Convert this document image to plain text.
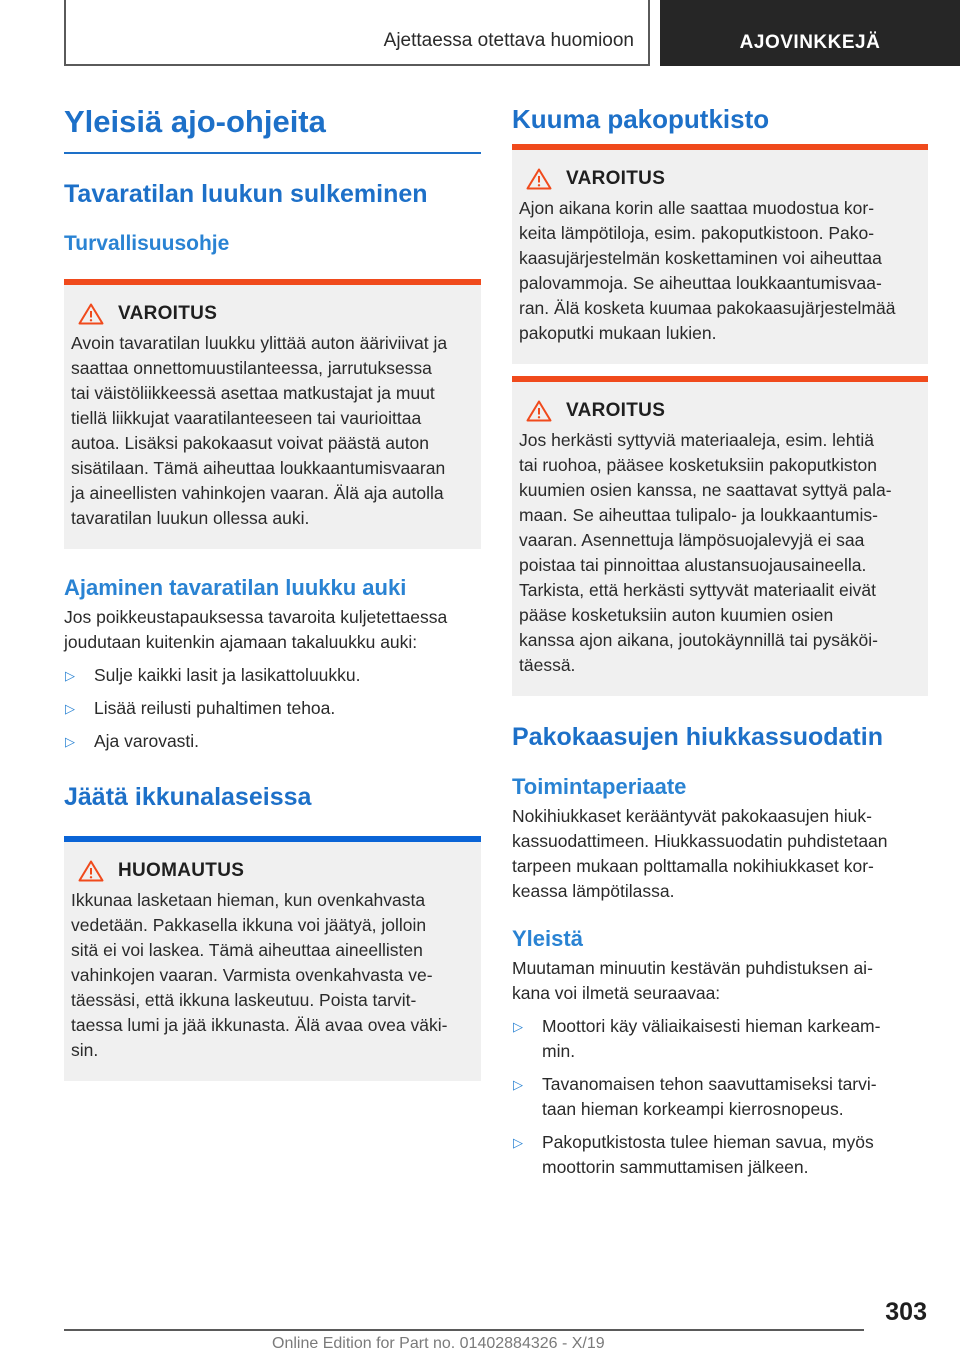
Ajettaessa otettava huomioon	AJOVINKKEJÄ
Yleisiä ajo-ohjeita
Tavaratilan luukun sulkeminen
Turvallisuusohje
VAROITUS
Avoin tavaratilan luukku ylittää auton ääriviivat ja
saattaa onnettomuustilanteessa, jarrutuksessa
tai väistöliikkeessä asettaa matkustajat ja muut
tiellä liikkujat vaaratilanteeseen tai vaurioittaa
autoa. Lisäksi pakokaasut voivat päästä auton
sisätilaan. Tämä aiheuttaa loukkaantumisvaaran
ja aineellisten vahinkojen vaaran. Älä aja autolla
tavaratilan luukun ollessa auki.
Ajaminen tavaratilan luukku auki
Jos poikkeustapauksessa tavaroita kuljetettaessa
joudutaan kuitenkin ajamaan takaluukku auki:
▷ Sulje kaikki lasit ja lasikattoluukku.
▷ Lisää reilusti puhaltimen tehoa.
▷ Aja varovasti.
Jäätä ikkunalaseissa
HUOMAUTUS
Ikkunaa lasketaan hieman, kun ovenkahvasta
vedetään. Pakkasella ikkuna voi jäätyä, jolloin
sitä ei voi laskea. Tämä aiheuttaa aineellisten
vahinkojen vaaran. Varmista ovenkahvasta ve-
täessäsi, että ikkuna laskeutuu. Poista tarvit-
taessa lumi ja jää ikkunasta. Älä avaa ovea väki-
sin.
Kuuma pakoputkisto
VAROITUS
Ajon aikana korin alle saattaa muodostua kor-
keita lämpötiloja, esim. pakoputkistoon. Pako-
kaasujärjestelmän koskettaminen voi aiheuttaa
palovammoja. Se aiheuttaa loukkaantumisvaa-
ran. Älä kosketa kuumaa pakokaasujärjestelmää
pakoputki mukaan lukien.
VAROITUS
Jos herkästi syttyviä materiaaleja, esim. lehtiä
tai ruohoa, pääsee kosketuksiin pakoputkiston
kuumien osien kanssa, ne saattavat syttyä pala-
maan. Se aiheuttaa tulipalo- ja loukkaantumis-
vaaran. Asennettuja lämpösuojalevyjä ei saa
poistaa tai pinnoittaa alustansuojausaineella.
Tarkista, että herkästi syttyvät materiaalit eivät
pääse kosketuksiin auton kuumien osien
kanssa ajon aikana, joutokäynnillä tai pysäköi-
täessä.
Pakokaasujen hiukkassuodatin
Toimintaperiaate
Nokihiukkaset kerääntyvät pakokaasujen hiuk-
kassuodattimeen. Hiukkassuodatin puhdistetaan
tarpeen mukaan polttamalla nokihiukkaset kor-
keassa lämpötilassa.
Yleistä
Muutaman minuutin kestävän puhdistuksen ai-
kana voi ilmetä seuraavaa:
▷ Moottori käy väliaikaisesti hieman karkeam-
min.
▷ Tavanomaisen tehon saavuttamiseksi tarvi-
taan hieman korkeampi kierrosnopeus.
▷ Pakoputkistosta tulee hieman savua, myös
moottorin sammuttamisen jälkeen.
303
Online Edition for Part no. 01402884326 - X/19
